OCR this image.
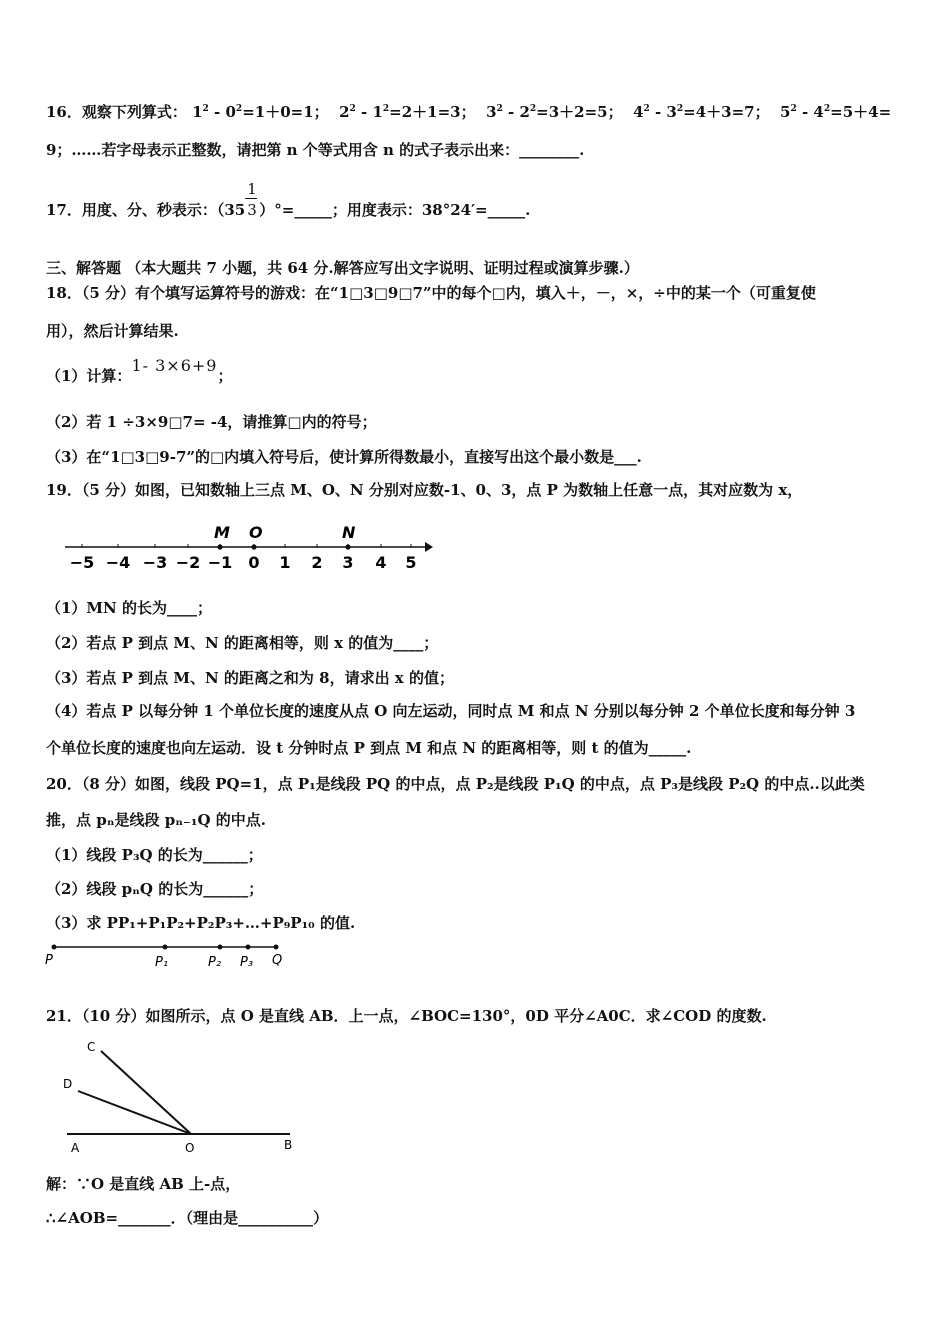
16．观察下列算式： $1^2 - 0^2=1+0=1$； $2^2 - 1^2=2+1=3$； $3^2 - 2^2=3+2=5$； $4^2 - 3^2=4+3=7$； $5^2 - 4^2=5+4=$
9；……若字母表示正整数，请把第 n 个等式用含 n 的式子表示出来：________.
17．用度、分、秒表示：（$35 \frac{1}{3}$ ）°=_____；用度表示：38°24′=_____.
三、解答题 （本大题共 7 小题，共 64 分.解答应写出文字说明、证明过程或演算步骤.）
18．（5 分）有个填写运算符号的游戏：在“1□3□9□7”中的每个□内，填入＋，－，×，÷中的某一个（可重复使
用），然后计算结果.
（1）计算：1- 3×6+9；
（2）若 1 ÷3×9□7= -4，请推算□内的符号；
（3）在“1□3□9-7”的□内填入符号后，使计算所得数最小，直接写出这个最小数是___.
19．（5 分）如图，已知数轴上三点 M、O、N 分别对应数-1、0、3，点 P 为数轴上任意一点，其对应数为 x，
−5 −4 −3 −2 −1 0 1 2 3 4 5
M O	N
（1）MN 的长为____；
（2）若点 P 到点 M、N 的距离相等，则 x 的值为____；
（3）若点 P 到点 M、N 的距离之和为 8，请求出 x 的值；
（4）若点 P 以每分钟 1 个单位长度的速度从点 O 向左运动，同时点 M 和点 N 分别以每分钟 2 个单位长度和每分钟 3
个单位长度的速度也向左运动．设 t 分钟时点 P 到点 M 和点 N 的距离相等，则 t 的值为_____.
20．（8 分）如图，线段 PQ=1，点 P₁是线段 PQ 的中点，点 P₂是线段 P₁Q 的中点，点 P₃是线段 P₂Q 的中点..以此类
推，点 pₙ是线段 pₙ₋₁Q 的中点.
（1）线段 P₃Q 的长为______；
（2）线段 pₙQ 的长为______；
（3）求 PP₁+P₁P₂+P₂P₃+…+P₉P₁₀ 的值.
P	P₁	P₂ P₃ Q
21．（10 分）如图所示，点 O 是直线 AB．上一点，∠BOC=130°，0D 平分∠A0C．求∠COD 的度数.
C
D
A	O	B
解：∵O 是直线 AB 上-点，
∴∠AOB=_______．（理由是__________）
